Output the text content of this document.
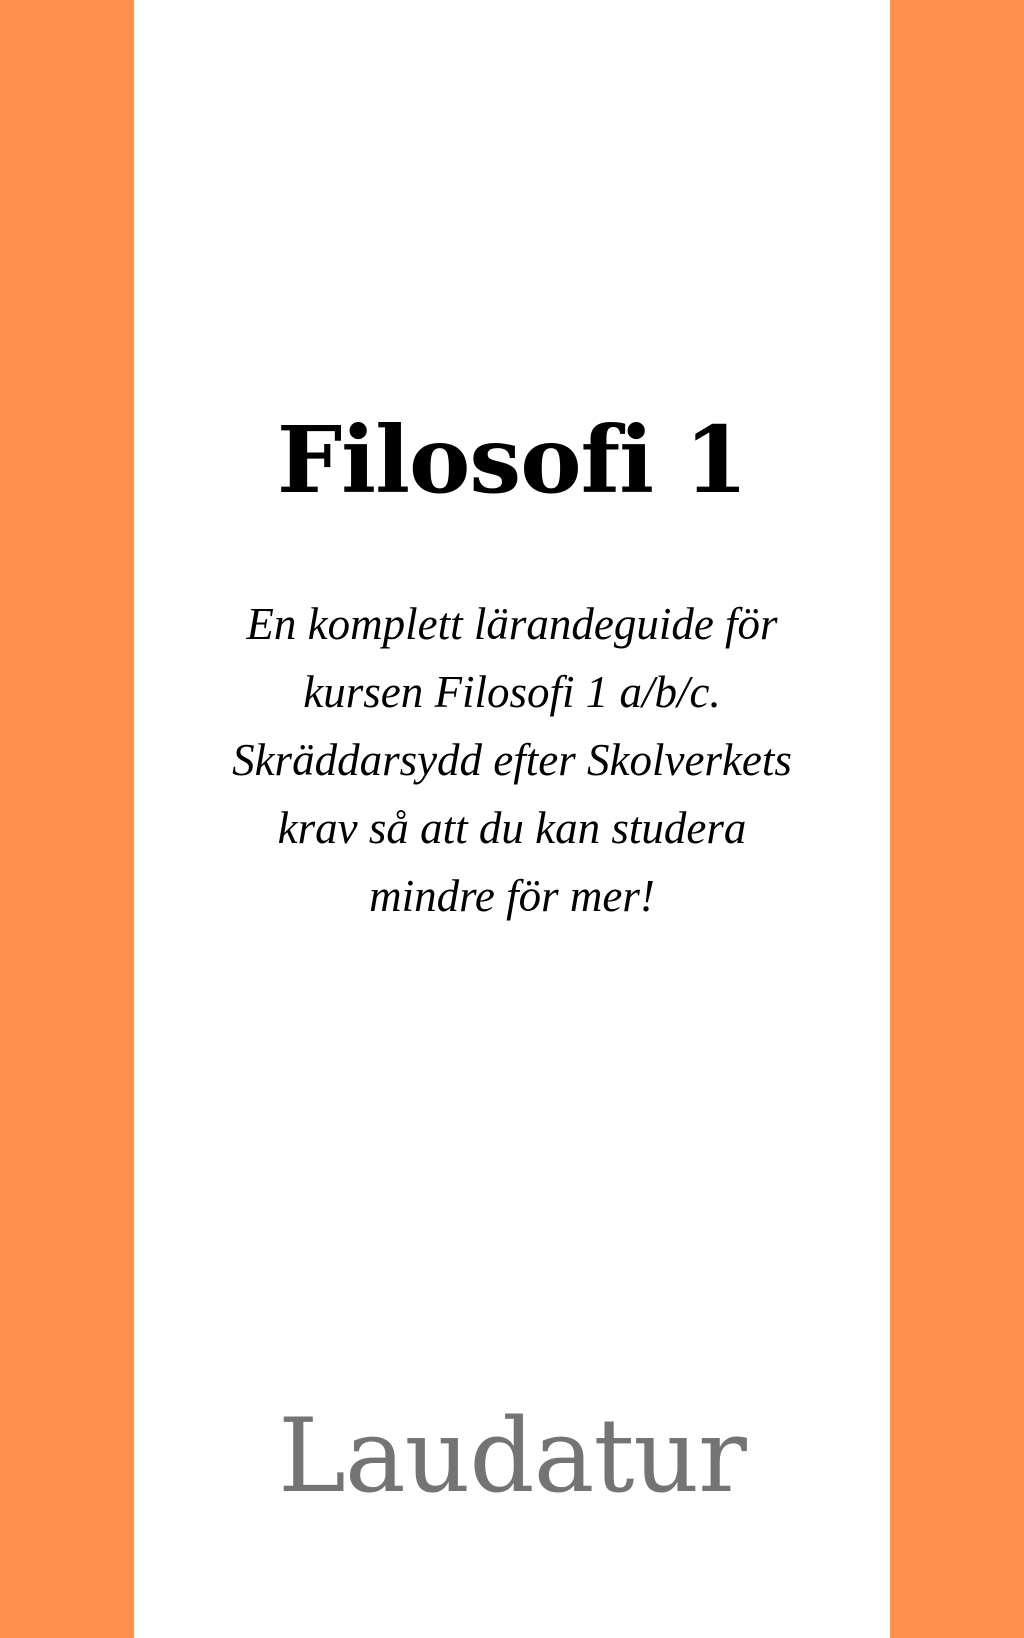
Filosofi 1

En komplett lärandeguide för
kursen Filosofi 1 a/b/c.
Skräddarsydd efter Skolverkets
krav så att du kan studera
mindre för mer!

Laudatur
